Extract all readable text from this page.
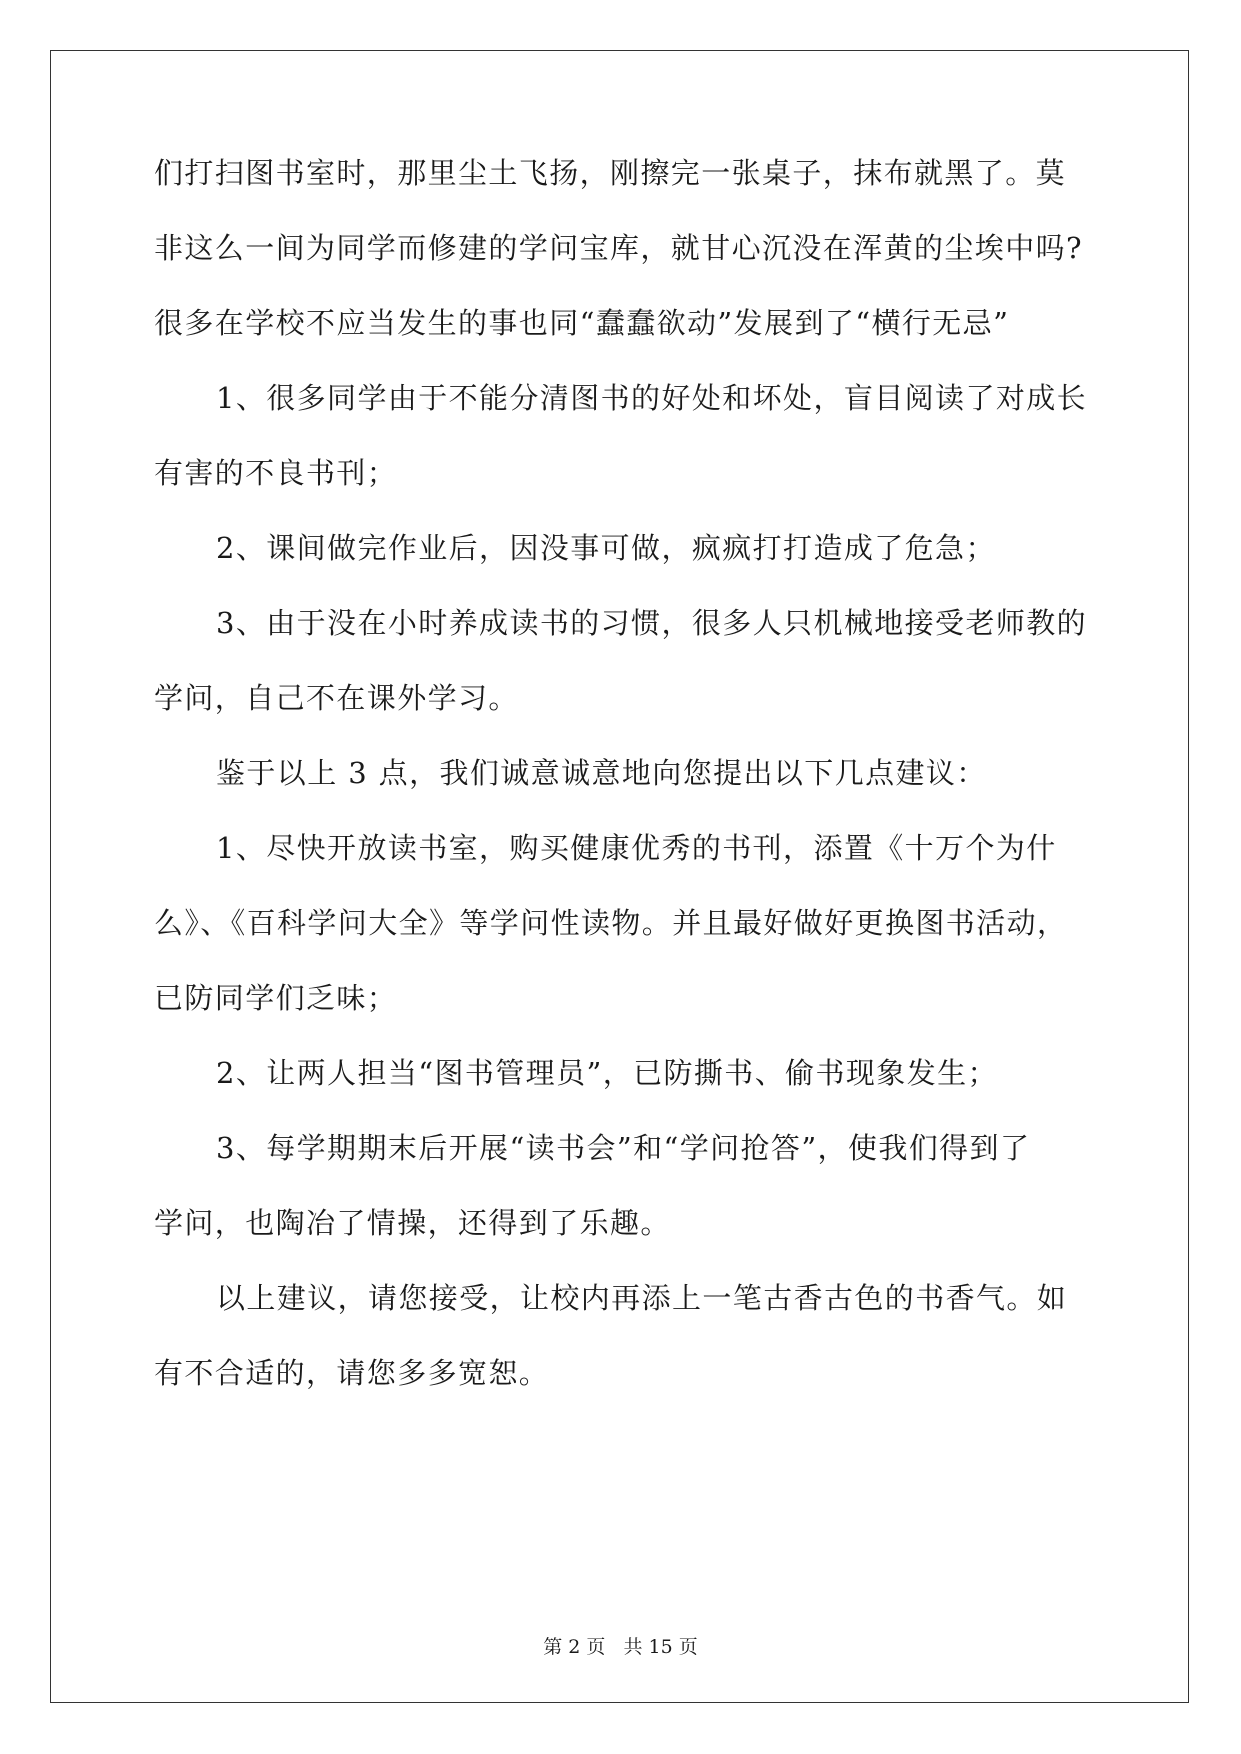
们打扫图书室时，那里尘土飞扬，刚擦完一张桌子，抹布就黑了。莫
非这么一间为同学而修建的学问宝库，就甘心沉没在浑黄的尘埃中吗?
很多在学校不应当发生的事也同“蠢蠢欲动”发展到了“横行无忌”
1、很多同学由于不能分清图书的好处和坏处，盲目阅读了对成长
有害的不良书刊；
2、课间做完作业后，因没事可做，疯疯打打造成了危急；
3、由于没在小时养成读书的习惯，很多人只机械地接受老师教的
学问，自己不在课外学习。
鉴于以上 3 点，我们诚意诚意地向您提出以下几点建议：
1、尽快开放读书室，购买健康优秀的书刊，添置《十万个为什
么》、《百科学问大全》等学问性读物。并且最好做好更换图书活动，
已防同学们乏味；
2、让两人担当“图书管理员”，已防撕书、偷书现象发生；
3、每学期期末后开展“读书会”和“学问抢答”，使我们得到了
学问，也陶冶了情操，还得到了乐趣。
以上建议，请您接受，让校内再添上一笔古香古色的书香气。如
有不合适的，请您多多宽恕。
第 2 页 共 15 页
